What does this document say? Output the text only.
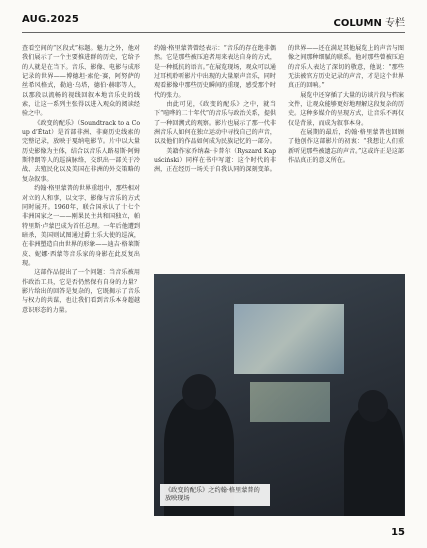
AUG.2025	COLUMN 专栏

查看空间的“区段式”标题。魅力之外，他对我们展示了一个主要推进群的历史，它给予的人就是在当下。音乐、影像、电影与成形记录的世界——博德坦·索伦·赛，阿努萨的丝希风格式，勒迪·乌塔，德伯·赫耶等人，以那段以流畅的视线回叙本地音乐史的线索，让这一系列主张得以进入观众的阅读经验之中。

《政变的配乐》（Soundtrack to a Coup d’État）是首部非洲、非裔历史线索的完整记录，放映于戛纳电影节。片中以大量历史影像为主体，结合以音乐人路易斯·阿姆斯特朗等人的巡演脉络，交织出一部关于冷战、去殖民化以及美国在非洲的外交策略的复杂叙事。

约翰·格里蒙普的世界重组中，那些相对对立的人和事，以文字、影像与音乐的方式同时展开。1960年，联合国承认了十七个非洲国家之一——刚果民主共和国独立，帕特里斯·卢蒙巴成为首任总理。一年后他遭到暗杀，美国则试图通过爵士乐大使的巡演，在非洲塑造自由世界的形象——迪吉·格莱斯皮、妮娜·西蒙等音乐家的身影在此反复出现。

这部作品提出了一个问题：当音乐被用作政治工具，它是否仍然保有自身的力量？影片给出的回答是复杂的，它既揭示了音乐与权力的共谋，也让我们看到音乐本身超越意识形态的力量。

约翰·格里蒙普曾经表示：“音乐的存在绝非偶然。它是那些被压迫者用来表达自身的方式，是一种抵抗的语言。”在展览现场，观众可以通过耳机聆听影片中出现的大量原声音乐，同时观看影像中那些历史瞬间的重现，感受那个时代的张力。

由此可见，《政变的配乐》之中，就当下“喧哗的二十年代”的音乐与政治关系，提供了一种回溯式的观察。影片也展示了那一代非洲音乐人如何在独立运动中寻找自己的声音，以及他们的作品如何成为民族记忆的一部分。

美籍作家乔纳森·卡普尔（Ryszard Kapuściński）同样在书中写道：这个时代的非洲，正在经历一场关于自我认同的深刻变革。

的世界——还在满足其他展览上的声音与图像之间那种细腻的联系。他对那些曾被压迫的音乐人表达了深切的敬意，他说：“那些无法被官方历史记录的声音，才是这个世界真正的回响。”

展览中还穿插了大量的访谈片段与档案文件，让观众能够更好地理解这段复杂的历史。这种多媒介的呈现方式，让音乐不再仅仅是背景，而成为叙事本身。

在展期的最后，约翰·格里蒙普也回顾了他创作这部影片的初衷：“我想让人们重新听见那些被遗忘的声音。”这或许正是这部作品真正的意义所在。

《政变的配乐》之约翰·格里蒙普的放映现场
15
